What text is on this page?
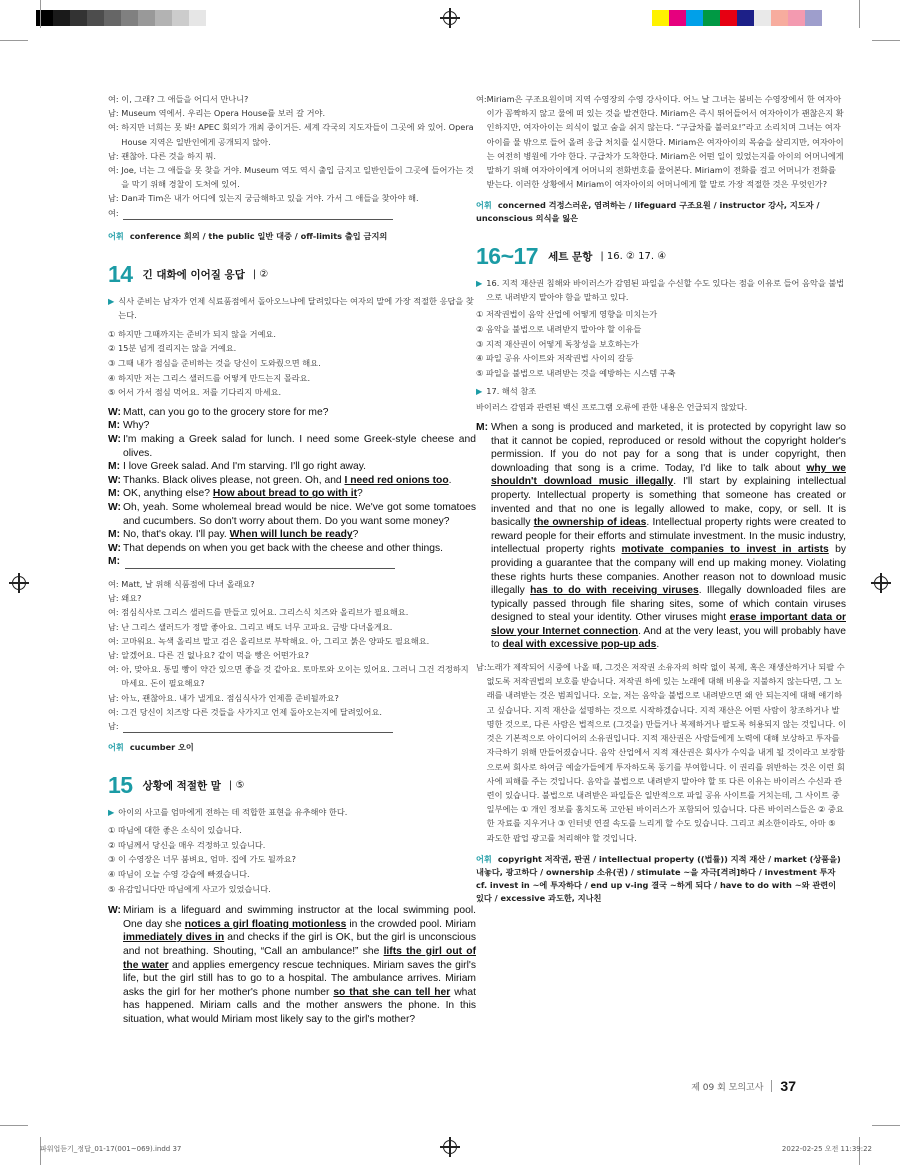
여: 이, 그래? 그 애들을 어디서 만나니?
남: Museum 역에서. 우리는 Opera House를 보러 갈 거야.
여: 하지만 너희는 못 봐! APEC 회의가 개최 중이거든. 세계 각국의 지도자들이 그곳에 와 있어. Opera House 지역은 일반인에게 공개되지 않아.
남: 괜찮아. 다른 것을 하지 뭐.
여: Joe, 너는 그 애들을 못 찾을 거야. Museum 역도 역시 출입 금지고 일반인들이 그곳에 들어가는 것을 막기 위해 경찰이 도처에 있어.
남: Dan과 Tim은 내가 어디에 있는지 궁금해하고 있을 거야. 가서 그 애들을 찾아야 해.
여:
어휘 conference 회의 / the public 일반 대중 / off-limits 출입 금지의
14 긴 대화에 이어질 응답 | ②
▶ 식사 준비는 남자가 언제 식료품점에서 돌아오느냐에 달려있다는 여자의 말에 가장 적절한 응답을 찾는다.
① 하지만 그때까지는 준비가 되지 않을 거예요.
② 15분 넘게 걸리지는 않을 거예요.
③ 그때 내가 점심을 준비하는 것을 당신이 도와줬으면 해요.
④ 하지만 저는 그리스 샐러드를 어떻게 만드는지 몰라요.
⑤ 어서 가서 점심 먹어요. 저를 기다리지 마세요.
W: Matt, can you go to the grocery store for me?
M: Why?
W: I'm making a Greek salad for lunch. I need some Greek-style cheese and olives.
M: I love Greek salad. And I'm starving. I'll go right away.
W: Thanks. Black olives please, not green. Oh, and I need red onions too.
M: OK, anything else? How about bread to go with it?
W: Oh, yeah. Some wholemeal bread would be nice. We've got some tomatoes and cucumbers. So don't worry about them. Do you want some money?
M: No, that's okay. I'll pay. When will lunch be ready?
W: That depends on when you get back with the cheese and other things.
M:
여: Matt, 날 위해 식품점에 다녀 올래요?
남: 왜요?
여: 점심식사로 그리스 샐러드를 만들고 있어요. 그리스식 치즈와 올리브가 필요해요.
남: 난 그리스 샐러드가 정말 좋아요. 그리고 배도 너무 고파요. 금방 다녀올게요.
여: 고마워요. 녹색 올리브 말고 검은 올리브로 부탁해요. 아, 그리고 붉은 양파도 필요해요.
남: 알겠어요. 다른 건 없나요? 같이 먹을 빵은 어떤가요?
여: 아, 맞아요. 통밀 빵이 약간 있으면 좋을 것 같아요. 토마토와 오이는 있어요. 그러니 그건 걱정하지 마세요. 돈이 필요해요?
남: 아뇨, 괜찮아요. 내가 낼게요. 점심식사가 언제쯤 준비될까요?
여: 그건 당신이 치즈랑 다른 것들을 사가지고 언제 돌아오는지에 달려있어요.
남:
어휘 cucumber 오이
15 상황에 적절한 말 | ⑤
▶ 아이의 사고를 엄마에게 전하는 데 적합한 표현을 유추해야 한다.
① 따님에 대한 좋은 소식이 있습니다.
② 따님께서 당신을 매우 걱정하고 있습니다.
③ 이 수영장은 너무 붐벼요, 엄마. 집에 가도 될까요?
④ 따님이 오늘 수영 강습에 빠졌습니다.
⑤ 유감입니다만 따님에게 사고가 있었습니다.
W: Miriam is a lifeguard and swimming instructor at the local swimming pool. One day she notices a girl floating motionless in the crowded pool. Miriam immediately dives in and checks if the girl is OK, but the girl is unconscious and not breathing. Shouting, “Call an ambulance!” she lifts the girl out of the water and applies emergency rescue techniques. Miriam saves the girl's life, but the girl still has to go to a hospital. The ambulance arrives. Miriam asks the girl for her mother's phone number so that she can tell her what has happened. Miriam calls and the mother answers the phone. In this situation, what would Miriam most likely say to the girl's mother?
여: Miriam은 구조요원이며 지역 수영장의 수영 강사이다. 어느 날 그녀는 붐비는 수영장에서 한 여자아이가 꼼짝하지 않고 물에 떠 있는 것을 발견한다. Miriam은 즉시 뛰어들어서 여자아이가 괜찮은지 확인하지만, 여자아이는 의식이 없고 숨을 쉬지 않는다. “구급차를 불러요!”라고 소리치며 그녀는 여자아이를 물 밖으로 들어 올려 응급 처치를 실시한다. Miriam은 여자아이의 목숨을 살리지만, 여자아이는 여전히 병원에 가야 한다. 구급차가 도착한다. Miriam은 어떤 일이 있었는지를 아이의 어머니에게 말하기 위해 여자아이에게 어머니의 전화번호를 물어본다. Miriam이 전화를 걸고 어머니가 전화를 받는다. 이러한 상황에서 Miriam이 여자아이의 어머니에게 할 말로 가장 적절한 것은 무엇인가?
어휘 concerned 걱정스러운, 염려하는 / lifeguard 구조요원 / instructor 강사, 지도자 / unconscious 의식을 잃은
16~17 세트 문항 | 16. ② 17. ④
▶ 16. 지적 재산권 침해와 바이러스가 감염된 파일을 수신할 수도 있다는 점을 이유로 들어 음악을 불법으로 내려받지 말아야 함을 말하고 있다.
① 저작권법이 음악 산업에 어떻게 영향을 미치는가
② 음악을 불법으로 내려받지 말아야 할 이유들
③ 지적 재산권이 어떻게 독창성을 보호하는가
④ 파일 공유 사이트와 저작권법 사이의 갈등
⑤ 파일을 불법으로 내려받는 것을 예방하는 시스템 구축
▶ 17. 해석 참조
바이러스 감염과 관련된 백신 프로그램 오류에 관한 내용은 언급되지 않았다.
M: When a song is produced and marketed, it is protected by copyright law so that it cannot be copied, reproduced or resold without the copyright holder's permission. If you do not pay for a song that is under copyright, then downloading that song is a crime. Today, I'd like to talk about why we shouldn't download music illegally. I'll start by explaining intellectual property. Intellectual property is something that someone has created or invented and that no one is legally allowed to make, copy, or sell. It is basically the ownership of ideas. Intellectual property rights were created to reward people for their efforts and stimulate investment. In the music industry, intellectual property rights motivate companies to invest in artists by providing a guarantee that the company will end up making money. Violating these rights hurts these companies. Another reason not to download music illegally has to do with receiving viruses. Illegally downloaded files are typically passed through file sharing sites, some of which contain viruses designed to steal your identity. Other viruses might erase important data or slow your Internet connection. And at the very least, you will probably have to deal with excessive pop-up ads.
남: 노래가 제작되어 시중에 나올 때, 그것은 저작권 소유자의 허락 없이 복제, 혹은 재생산하거나 되팔 수 없도록 저작권법의 보호를 받습니다. 저작권 하에 있는 노래에 대해 비용을 지불하지 않는다면, 그 노래를 내려받는 것은 범죄입니다. 오늘, 저는 음악을 불법으로 내려받으면 왜 안 되는지에 대해 얘기하고 싶습니다. 지적 재산을 설명하는 것으로 시작하겠습니다. 지적 재산은 어떤 사람이 창조하거나 발명한 것으로, 다른 사람은 법적으로 (그것을) 만들거나 복제하거나 팔도록 허용되지 않는 것입니다. 이것은 기본적으로 아이디어의 소유권입니다. 지적 재산권은 사람들에게 노력에 대해 보상하고 투자를 자극하기 위해 만들어졌습니다. 음악 산업에서 지적 재산권은 회사가 수익을 내게 될 것이라고 보장함으로써 회사로 하여금 예술가들에게 투자하도록 동기를 부여합니다. 이 권리를 위반하는 것은 이런 회사에 피해를 주는 것입니다. 음악을 불법으로 내려받지 말아야 할 또 다른 이유는 바이러스 수신과 관련이 있습니다. 불법으로 내려받은 파일들은 일반적으로 파일 공유 사이트를 거치는데, 그 사이트 중 일부에는 ① 개인 정보를 훔치도록 고안된 바이러스가 포함되어 있습니다. 다른 바이러스들은 ② 중요한 자료를 지우거나 ③ 인터넷 연결 속도를 느리게 할 수도 있습니다. 그리고 최소한이라도, 아마 ⑤ 과도한 팝업 광고를 처리해야 할 것입니다.
어휘 copyright 저작권, 판권 / intellectual property ((법률)) 지적 재산 / market (상품을) 내놓다, 광고하다 / ownership 소유(권) / stimulate ~을 자극[격려]하다 / investment 투자 cf. invest in ~에 투자하다 / end up v-ing 결국 ~하게 되다 / have to do with ~와 관련이 있다 / excessive 과도한, 지나친
제 09 회 모의고사 37
파워업듣기_정답_01-17(001~069).indd 37	2022-02-25 오전 11:39:22
